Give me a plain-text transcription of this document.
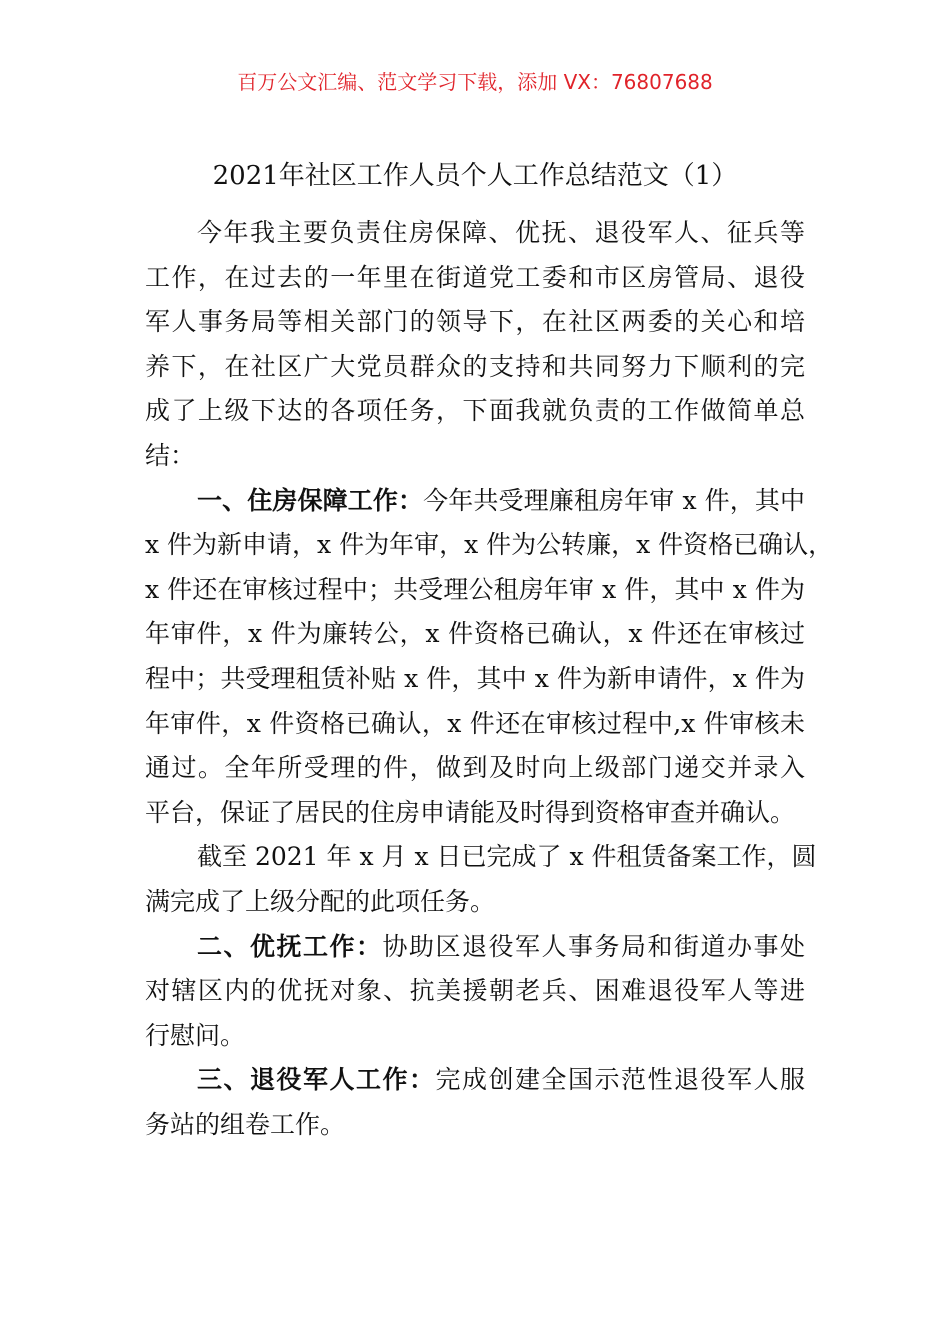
百万公文汇编、范文学习下载，添加 VX：76807688
2021年社区工作人员个人工作总结范文（1）
今年我主要负责住房保障、优抚、退役军人、征兵等
工作，在过去的一年里在街道党工委和市区房管局、退役
军人事务局等相关部门的领导下，在社区两委的关心和培
养下，在社区广大党员群众的支持和共同努力下顺利的完
成了上级下达的各项任务，下面我就负责的工作做简单总
结：
一、住房保障工作：今年共受理廉租房年审 x 件，其中
x 件为新申请，x 件为年审，x 件为公转廉，x 件资格已确认，
x 件还在审核过程中；共受理公租房年审 x 件，其中 x 件为
年审件，x 件为廉转公，x 件资格已确认，x 件还在审核过
程中；共受理租赁补贴 x 件，其中 x 件为新申请件，x 件为
年审件，x 件资格已确认，x 件还在审核过程中,x 件审核未
通过。全年所受理的件，做到及时向上级部门递交并录入
平台，保证了居民的住房申请能及时得到资格审查并确认。
截至 2021 年 x 月 x 日已完成了 x 件租赁备案工作，圆
满完成了上级分配的此项任务。
二、优抚工作：协助区退役军人事务局和街道办事处
对辖区内的优抚对象、抗美援朝老兵、困难退役军人等进
行慰问。
三、退役军人工作：完成创建全国示范性退役军人服
务站的组卷工作。
